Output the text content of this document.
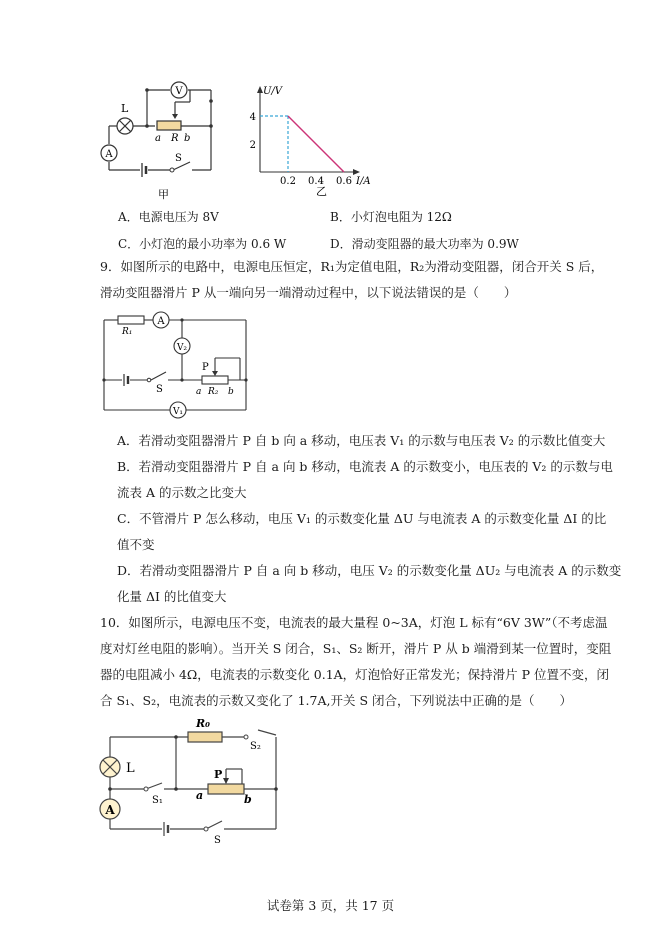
V
A
L
a R b
S
甲
0.2 0.4 0.6
2
4
U/V
I/A
乙
A．电源电压为 8V	B．小灯泡电阻为 12Ω
C．小灯泡的最小功率为 0.6 W	D．滑动变阻器的最大功率为 0.9W
9．如图所示的电路中，电源电压恒定，R₁为定值电阻，R₂为滑动变阻器，闭合开关 S 后，
滑动变阻器滑片 P 从一端向另一端滑动过程中，以下说法错误的是（　　）
R₁
A
V₂
V₁
P
a R₂ b
S
A．若滑动变阻器滑片 P 自 b 向 a 移动，电压表 V₁ 的示数与电压表 V₂ 的示数比值变大
B．若滑动变阻器滑片 P 自 a 向 b 移动，电流表 A 的示数变小，电压表的 V₂ 的示数与电
流表 A 的示数之比变大
C．不管滑片 P 怎么移动，电压 V₁ 的示数变化量 ΔU 与电流表 A 的示数变化量 ΔI 的比
值不变
D．若滑动变阻器滑片 P 自 a 向 b 移动，电压 V₂ 的示数变化量 ΔU₂ 与电流表 A 的示数变
化量 ΔI 的比值变大
10．如图所示，电源电压不变，电流表的最大量程 0~3A，灯泡 L 标有“6V 3W”（不考虑温
度对灯丝电阻的影响）。当开关 S 闭合，S₁、S₂ 断开，滑片 P 从 b 端滑到某一位置时，变阻
器的电阻减小 4Ω，电流表的示数变化 0.1A，灯泡恰好正常发光；保持滑片 P 位置不变，闭
合 S₁、S₂，电流表的示数又变化了 1.7A,开关 S 闭合，下列说法中正确的是（　　）
R₀
S₂
L
S₁
P
a	b
A
S
试卷第 3 页，共 17 页
